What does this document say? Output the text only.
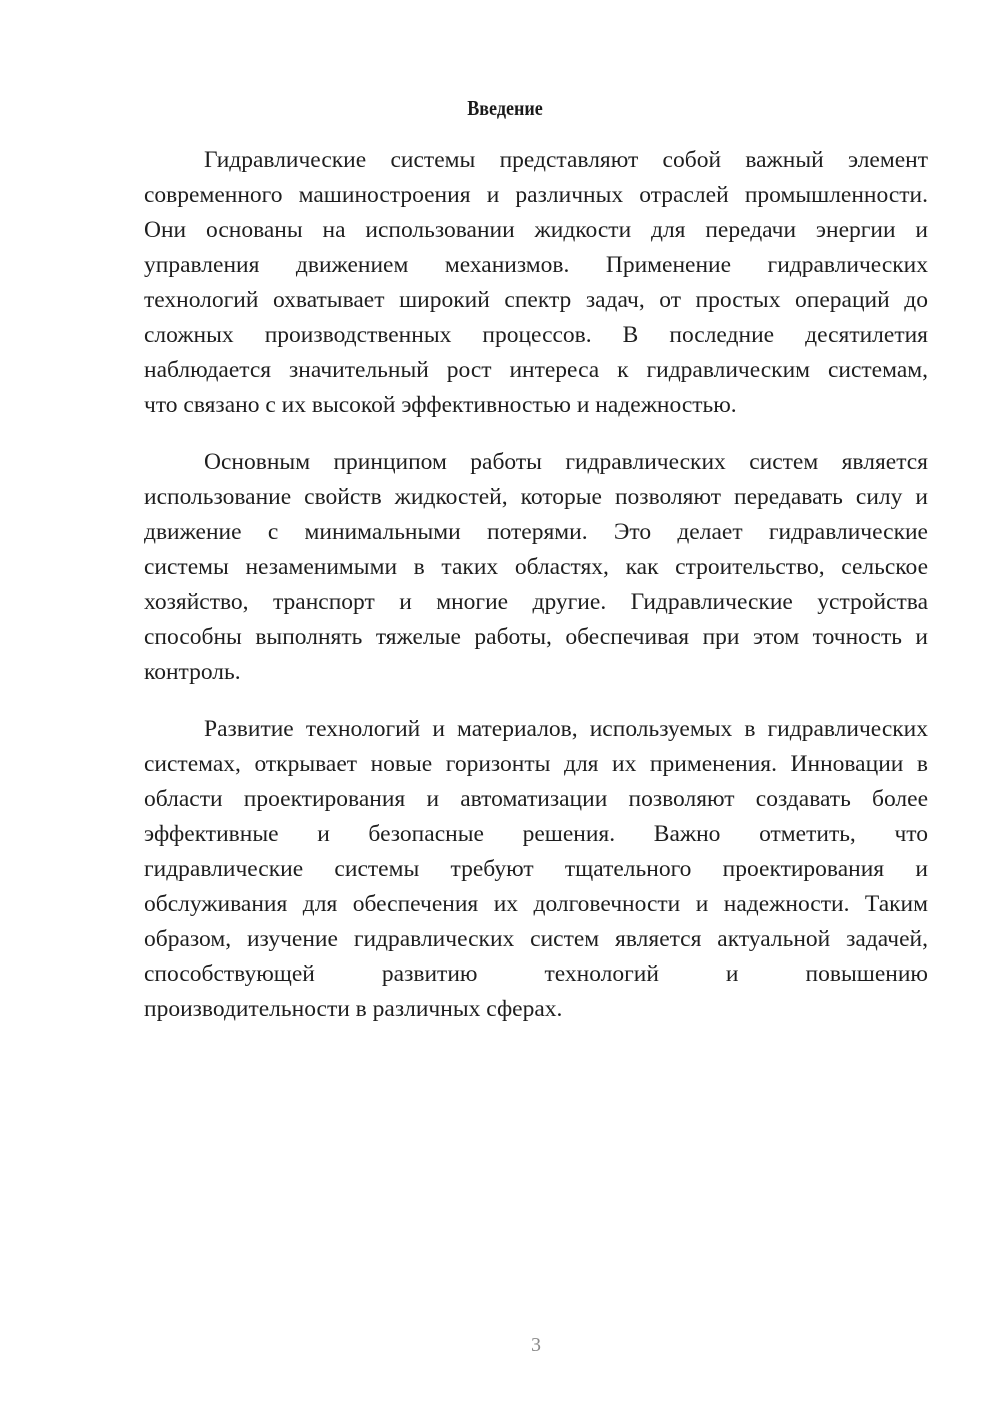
Введение
Гидравлические системы представляют собой важный элемент
современного машиностроения и различных отраслей промышленности.
Они основаны на использовании жидкости для передачи энергии и
управления движением механизмов. Применение гидравлических
технологий охватывает широкий спектр задач, от простых операций до
сложных производственных процессов. В последние десятилетия
наблюдается значительный рост интереса к гидравлическим системам,
что связано с их высокой эффективностью и надежностью.
Основным принципом работы гидравлических систем является
использование свойств жидкостей, которые позволяют передавать силу и
движение с минимальными потерями. Это делает гидравлические
системы незаменимыми в таких областях, как строительство, сельское
хозяйство, транспорт и многие другие. Гидравлические устройства
способны выполнять тяжелые работы, обеспечивая при этом точность и
контроль.
Развитие технологий и материалов, используемых в гидравлических
системах, открывает новые горизонты для их применения. Инновации в
области проектирования и автоматизации позволяют создавать более
эффективные и безопасные решения. Важно отметить, что
гидравлические системы требуют тщательного проектирования и
обслуживания для обеспечения их долговечности и надежности. Таким
образом, изучение гидравлических систем является актуальной задачей,
способствующей развитию технологий и повышению
производительности в различных сферах.
3
